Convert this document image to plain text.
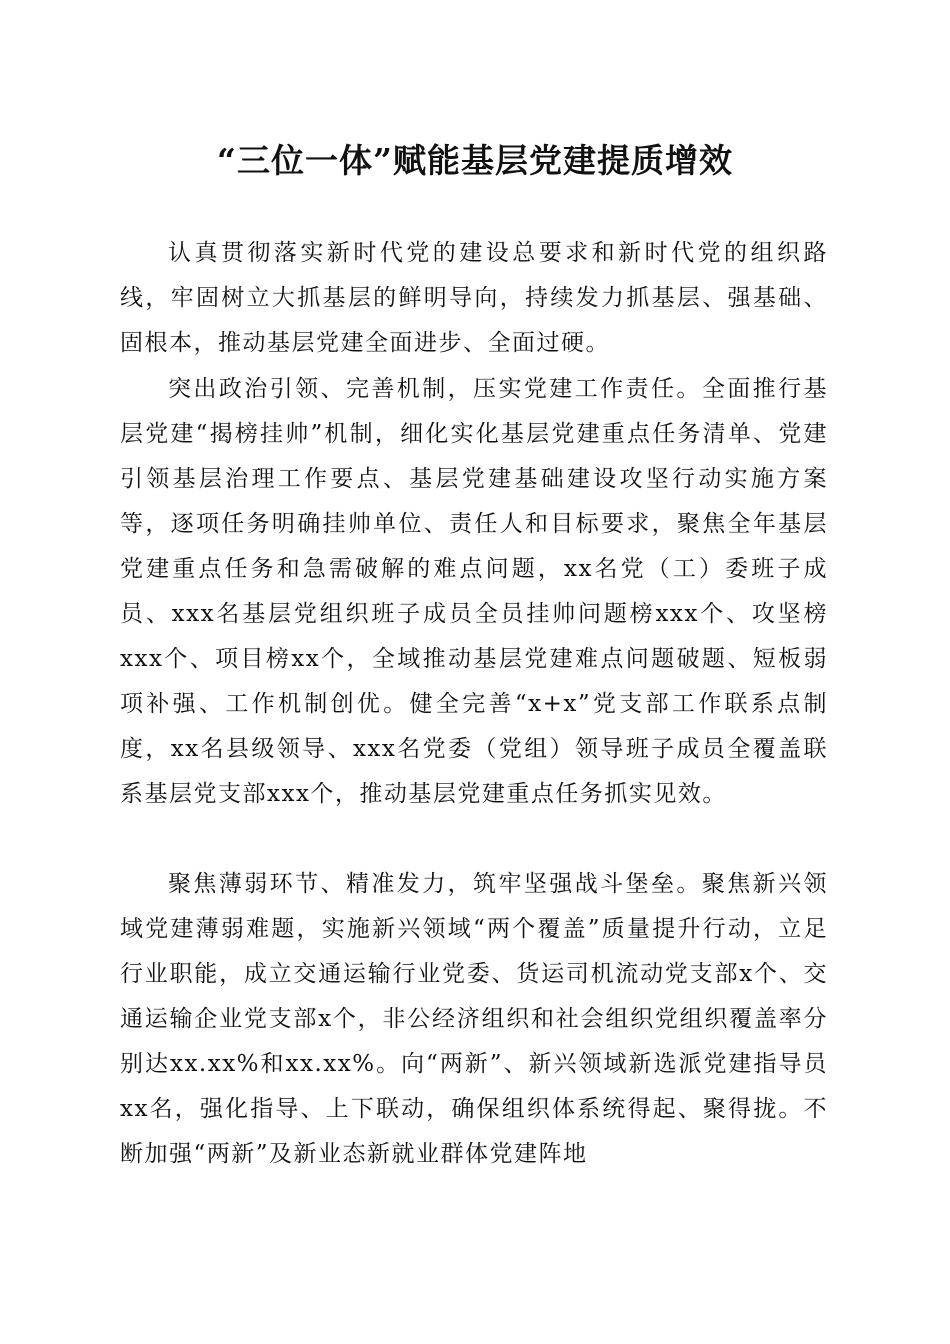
“三位一体”赋能基层党建提质增效

认真贯彻落实新时代党的建设总要求和新时代党的组织路线，牢固树立大抓基层的鲜明导向，持续发力抓基层、强基础、固根本，推动基层党建全面进步、全面过硬。

突出政治引领、完善机制，压实党建工作责任。全面推行基层党建“揭榜挂帅”机制，细化实化基层党建重点任务清单、党建引领基层治理工作要点、基层党建基础建设攻坚行动实施方案等，逐项任务明确挂帅单位、责任人和目标要求，聚焦全年基层党建重点任务和急需破解的难点问题，xx名党（工）委班子成员、xxx名基层党组织班子成员全员挂帅问题榜xxx个、攻坚榜xxx个、项目榜xx个，全域推动基层党建难点问题破题、短板弱项补强、工作机制创优。健全完善“x+x”党支部工作联系点制度，xx名县级领导、xxx名党委（党组）领导班子成员全覆盖联系基层党支部xxx个，推动基层党建重点任务抓实见效。

聚焦薄弱环节、精准发力，筑牢坚强战斗堡垒。聚焦新兴领域党建薄弱难题，实施新兴领域“两个覆盖”质量提升行动，立足行业职能，成立交通运输行业党委、货运司机流动党支部x个、交通运输企业党支部x个，非公经济组织和社会组织党组织覆盖率分别达xx.xx%和xx.xx%。向“两新”、新兴领域新选派党建指导员xx名，强化指导、上下联动，确保组织体系统得起、聚得拢。不断加强“两新”及新业态新就业群体党建阵地
